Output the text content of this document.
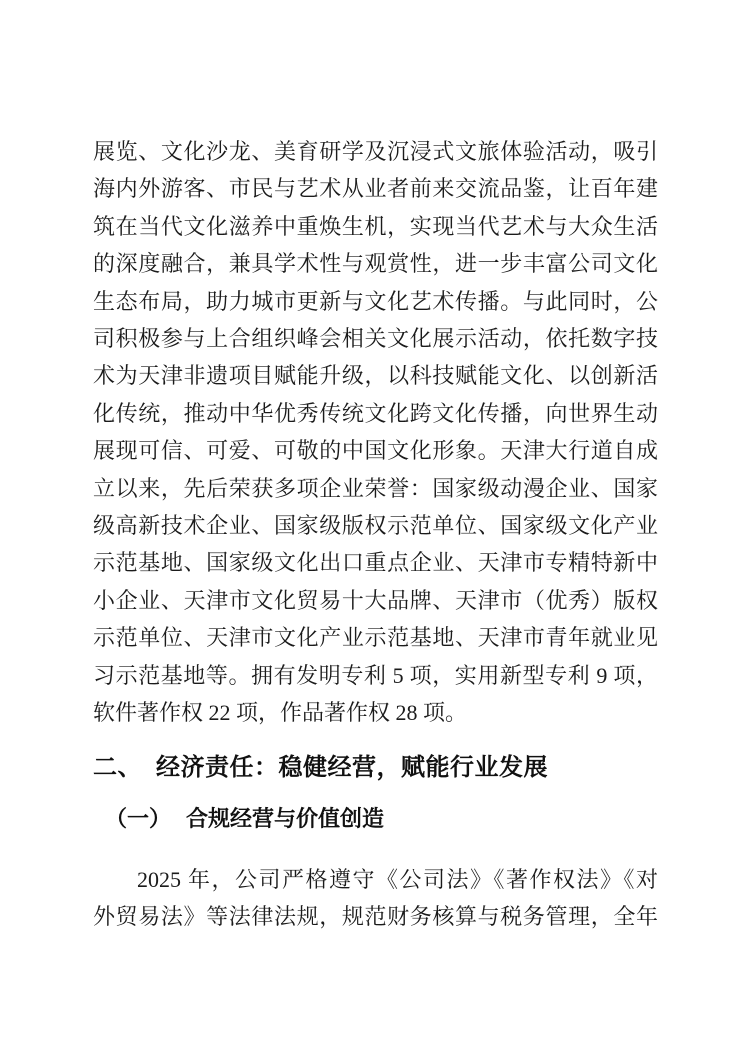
展览、文化沙龙、美育研学及沉浸式文旅体验活动，吸引
海内外游客、市民与艺术从业者前来交流品鉴，让百年建
筑在当代文化滋养中重焕生机，实现当代艺术与大众生活
的深度融合，兼具学术性与观赏性，进一步丰富公司文化
生态布局，助力城市更新与文化艺术传播。与此同时，公
司积极参与上合组织峰会相关文化展示活动，依托数字技
术为天津非遗项目赋能升级，以科技赋能文化、以创新活
化传统，推动中华优秀传统文化跨文化传播，向世界生动
展现可信、可爱、可敬的中国文化形象。天津大行道自成
立以来，先后荣获多项企业荣誉：国家级动漫企业、国家
级高新技术企业、国家级版权示范单位、国家级文化产业
示范基地、国家级文化出口重点企业、天津市专精特新中
小企业、天津市文化贸易十大品牌、天津市（优秀）版权
示范单位、天津市文化产业示范基地、天津市青年就业见
习示范基地等。拥有发明专利 5 项，实用新型专利 9 项，
软件著作权 22 项，作品著作权 28 项。
二、 经济责任：稳健经营，赋能行业发展
（一） 合规经营与价值创造
2025 年，公司严格遵守《公司法》《著作权法》《对
外贸易法》等法律法规，规范财务核算与税务管理，全年
